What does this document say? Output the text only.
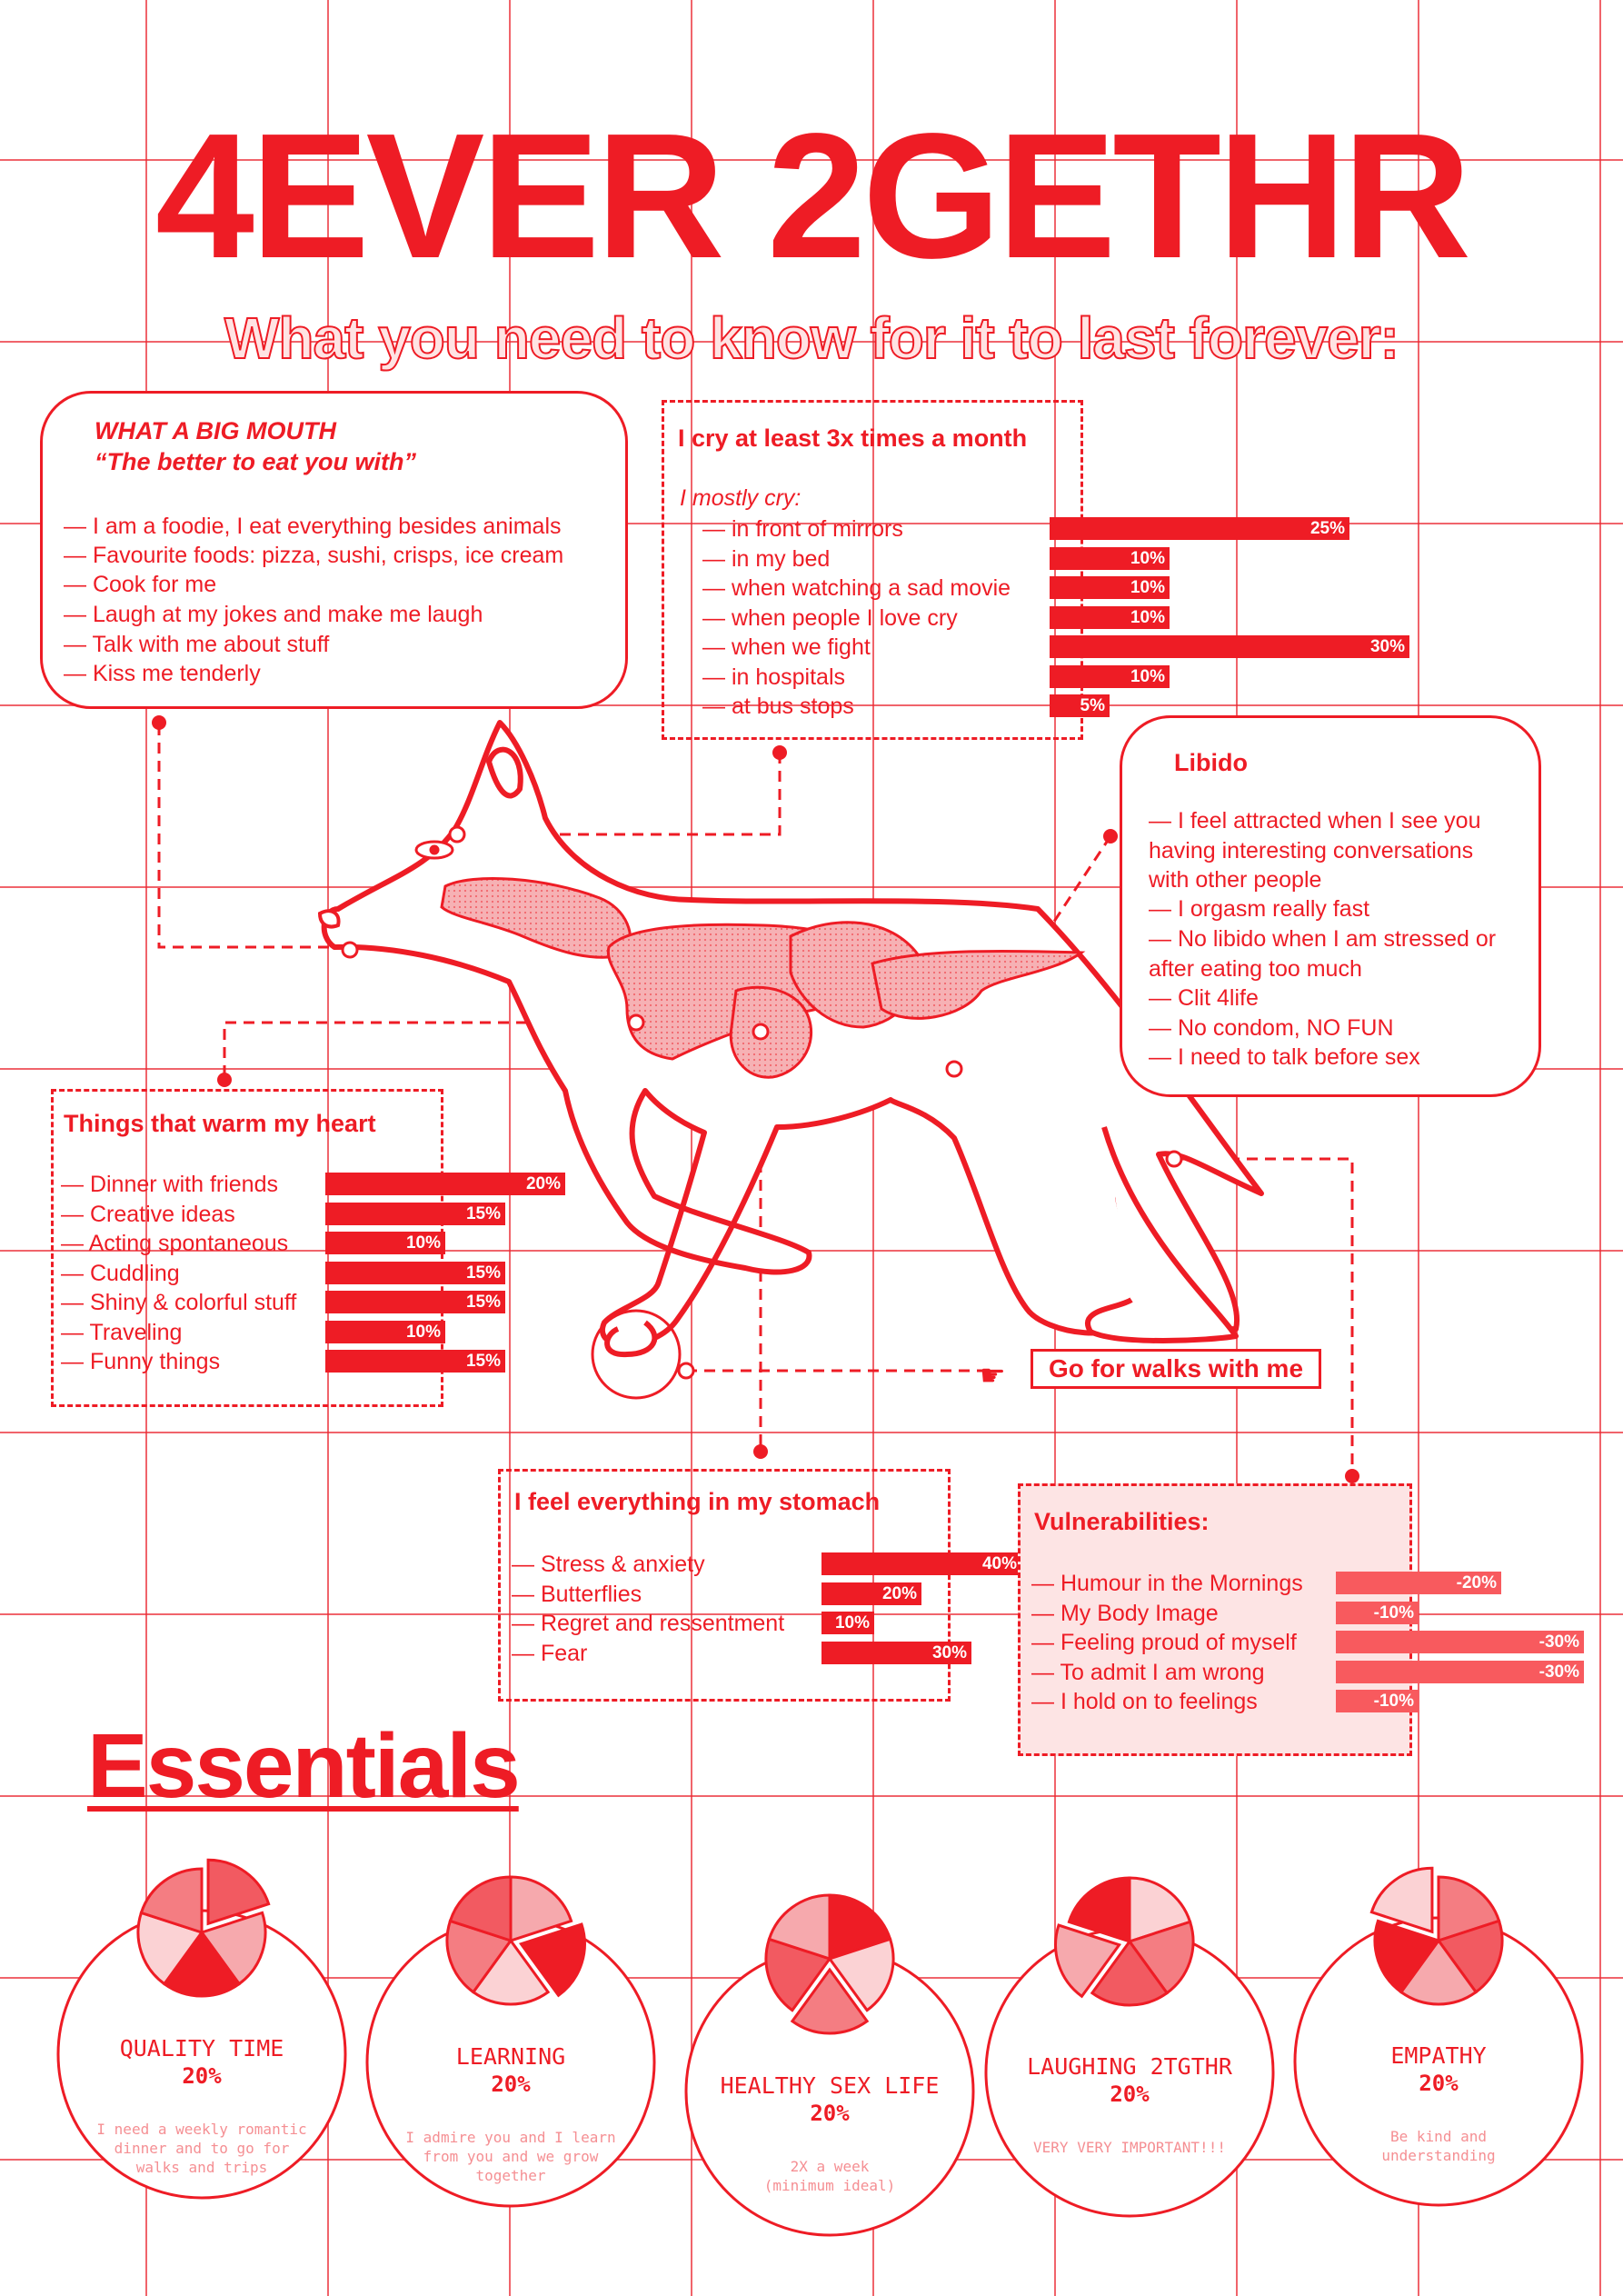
4EVER 2GETHR
What you need to know for it to last forever:
WHAT A BIG MOUTH
“The better to eat you with”
— I am a foodie, I eat everything besides animals
— Favourite foods: pizza, sushi, crisps, ice cream
— Cook for me
— Laugh at my jokes and make me laugh
— Talk with me about stuff
— Kiss me tenderly
I cry at least 3x times a month
I mostly cry:
— in front of mirrors	25%
— in my bed	10%
— when watching a sad movie	10%
— when people I love cry	10%
— when we fight	30%
— in hospitals	10%
— at bus stops	5%
Libido
— I feel attracted when I see you
having interesting conversations
with other people
— I orgasm really fast
— No libido when I am stressed or
after eating too much
— Clit 4life
— No condom, NO FUN
— I need to talk before sex
Things that warm my heart
— Dinner with friends	20%
— Creative ideas	15%
— Acting spontaneous	10%
— Cuddling	15%
— Shiny & colorful stuff	15%
— Traveling	10%
— Funny things	15%	☛	Go for walks with me
I feel everything in my stomach
— Stress & anxiety	40%
— Butterflies	20%
— Regret and ressentment	10%
— Fear	30%
Vulnerabilities:
— Humour in the Mornings	-20%
— My Body Image	-10%
— Feeling proud of myself	-30%
— To admit I am wrong	-30%
— I hold on to feelings	-10%
Essentials
QUALITY TIME
20%
I need a weekly romantic
dinner and to go for
walks and trips
LEARNING
20%
I admire you and I learn
from you and we grow
together
HEALTHY SEX LIFE
20%
2X a week
(minimum ideal)
LAUGHING 2TGTHR
20%
VERY VERY IMPORTANT!!!
EMPATHY
20%
Be kind and
understanding
